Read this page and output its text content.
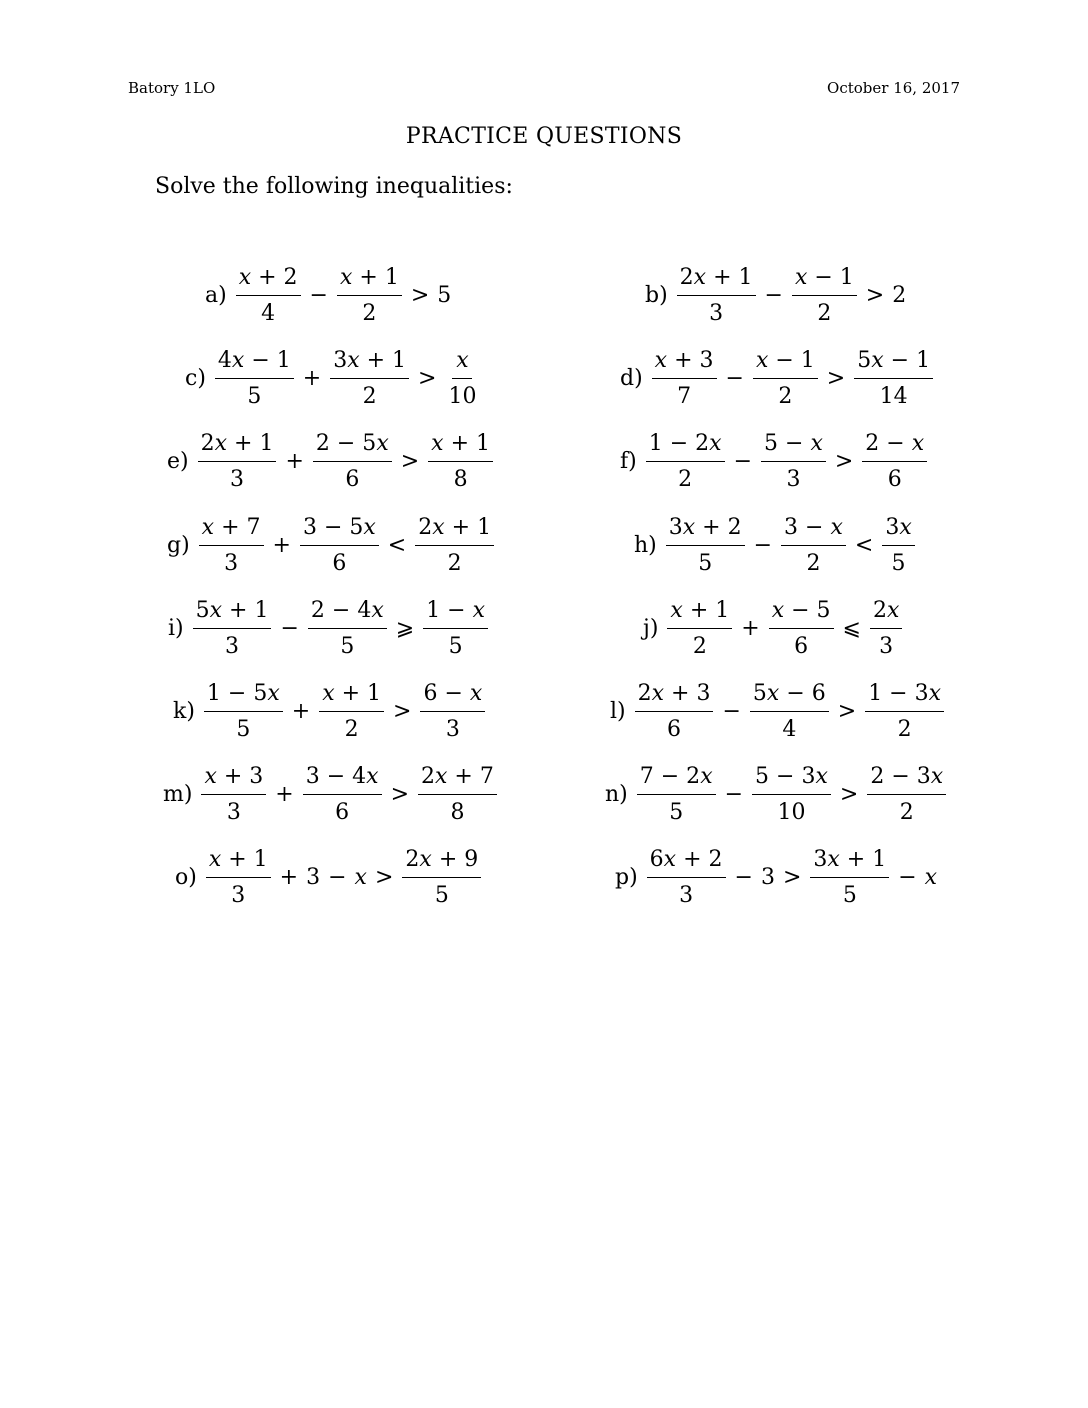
Batory 1LO	October 16, 2017
PRACTICE QUESTIONS
Solve the following inequalities:
$a) \frac{x + 2}{4} - \frac{x + 1}{2} > 5$	$b) \frac{2x + 1}{3} - \frac{x - 1}{2} > 2$
$c) \frac{4x - 1}{5} + \frac{3x + 1}{2} > \frac{x}{10}$	$d) \frac{x + 3}{7} - \frac{x - 1}{2} > \frac{5x - 1}{14}$
$e) \frac{2x + 1}{3} + \frac{2 - 5x}{6} > \frac{x + 1}{8}$	$f) \frac{1 - 2x}{2} - \frac{5 - x}{3} > \frac{2 - x}{6}$
$g) \frac{x + 7}{3} + \frac{3 - 5x}{6} < \frac{2x + 1}{2}$	$h) \frac{3x + 2}{5} - \frac{3 - x}{2} < \frac{3x}{5}$
$i) \frac{5x + 1}{3} - \frac{2 - 4x}{5}$ ⩾ $\frac{1 - x}{5}$	$j) \frac{x + 1}{2} + \frac{x - 5}{6}$ ⩽ $\frac{2x}{3}$
$k) \frac{1 - 5x}{5} + \frac{x + 1}{2} > \frac{6 - x}{3}$	$l) \frac{2x + 3}{6} - \frac{5x - 6}{4} > \frac{1 - 3x}{2}$
$m) \frac{x + 3}{3} + \frac{3 - 4x}{6} > \frac{2x + 7}{8}$	$n) \frac{7 - 2x}{5} - \frac{5 - 3x}{10} > \frac{2 - 3x}{2}$
$o) \frac{x + 1}{3} + 3 - x > \frac{2x + 9}{5}$	$p) \frac{6x + 2}{3} - 3 > \frac{3x + 1}{5} - x$
